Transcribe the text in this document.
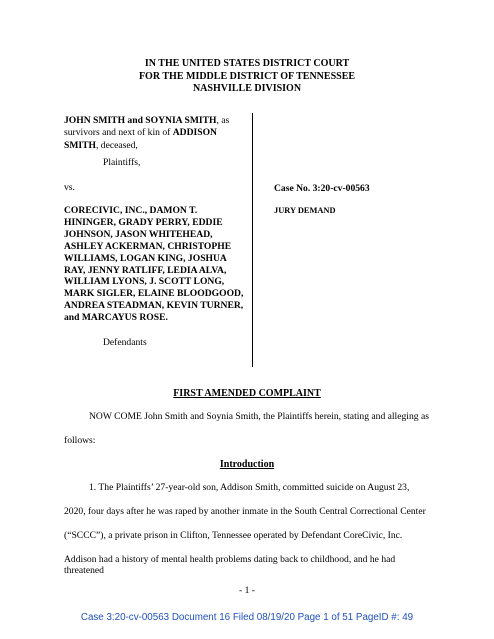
IN THE UNITED STATES DISTRICT COURT
FOR THE MIDDLE DISTRICT OF TENNESSEE
NASHVILLE DIVISION
JOHN SMITH and SOYNIA SMITH, as survivors and next of kin of ADDISON SMITH, deceased,
Plaintiffs,
vs.
CORECIVIC, INC., DAMON T. HININGER, GRADY PERRY, EDDIE JOHNSON, JASON WHITEHEAD, ASHLEY ACKERMAN, CHRISTOPHE WILLIAMS, LOGAN KING, JOSHUA RAY, JENNY RATLIFF, LEDIA ALVA, WILLIAM LYONS, J. SCOTT LONG, MARK SIGLER, ELAINE BLOODGOOD, ANDREA STEADMAN, KEVIN TURNER, and MARCAYUS ROSE.
Defendants
Case No. 3:20-cv-00563
JURY DEMAND
FIRST AMENDED COMPLAINT
NOW COME John Smith and Soynia Smith, the Plaintiffs herein, stating and alleging as
follows:
Introduction
1. The Plaintiffs’ 27-year-old son, Addison Smith, committed suicide on August 23,
2020, four days after he was raped by another inmate in the South Central Correctional Center
(“SCCC”), a private prison in Clifton, Tennessee operated by Defendant CoreCivic, Inc.
Addison had a history of mental health problems dating back to childhood, and he had threatened
- 1 -
Case 3:20-cv-00563 Document 16 Filed 08/19/20 Page 1 of 51 PageID #: 49
